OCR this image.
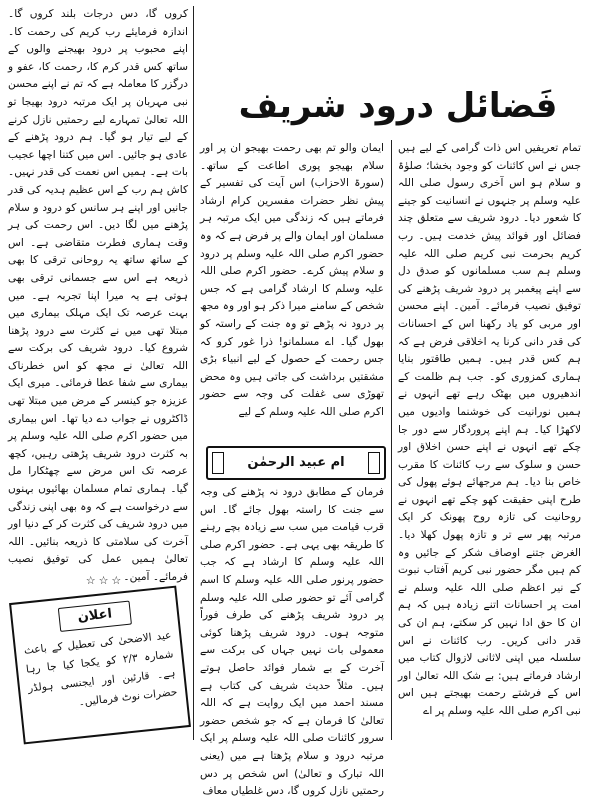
تمام تعریفیں اس ذات گرامی کے لیے ہیں جس نے اس کائنات کو وجود بخشا؛ صلوٰۃ و سلام ہو اس آخری رسول صلی اللہ علیہ وسلم پر جنہوں نے انسانیت کو جینے کا شعور دیا۔ درود شریف سے متعلق چند فضائل اور فوائد پیش خدمت ہیں۔ رب کریم بحرمت نبی کریم صلی اللہ علیہ وسلم ہم سب مسلمانوں کو صدق دل سے اپنے پیغمبر پر درود شریف پڑھنے کی توفیق نصیب فرمائے۔ آمین۔ اپنے محسن اور مربی کو یاد رکھنا اس کے احسانات کی قدر دانی کرنا یہ اخلاقی فرض ہے کہ ہم کس قدر ہیں۔ ہمیں طاقتور بنایا ہماری کمزوری کو۔ جب ہم ظلمت کے اندھیروں میں بھٹک رہے تھے انہوں نے ہمیں نورانیت کی خوشنما وادیوں میں لاکھڑا کیا۔ ہم اپنے پروردگار سے دور جا چکے تھے انہوں نے اپنے حسن اخلاق اور حسن و سلوک سے رب کائنات کا مقرب خاص بنا دیا۔ ہم مرجھائے ہوئے پھول کی طرح اپنی حقیقت کھو چکے تھے انہوں نے روحانیت کی تازہ روح پھونک کر ایک مرتبہ پھر سے تر و تازہ پھول کھلا دیا۔ الغرض جتنے اوصاف شکر کے جائیں وہ کم ہیں مگر حضور نبی کریم آفتاب نبوت کے نیر اعظم صلی اللہ علیہ وسلم نے امت پر احسانات اتنے زیادہ ہیں کہ ہم ان کا حق ادا نہیں کر سکتے، ہم ان کی قدر دانی کریں۔ رب کائنات نے اس سلسلہ میں اپنی لاثانی لازوال کتاب میں ارشاد فرماتے ہیں: بے شک اللہ تعالیٰ اور اس کے فرشتے رحمت بھیجتے ہیں اس نبی اکرم صلی اللہ علیہ وسلم پر اے

ایمان والو تم بھی رحمت بھیجو ان پر اور سلام بھیجو پوری اطاعت کے ساتھ۔ (سورۃ الاحزاب) اس آیت کی تفسیر کے پیش نظر حضرات مفسرین کرام ارشاد فرماتے ہیں کہ زندگی میں ایک مرتبہ ہر مسلمان اور ایمان والے پر فرض ہے کہ وہ حضور اکرم صلی اللہ علیہ وسلم پر درود و سلام پیش کرے۔ حضور اکرم صلی اللہ علیہ وسلم کا ارشاد گرامی ہے کہ جس شخص کے سامنے میرا ذکر ہو اور وہ مجھ پر درود نہ پڑھے تو وہ جنت کے راستہ کو بھول گیا۔ اے مسلمانو! ذرا غور کرو کہ جس رحمت کے حصول کے لیے انبیاء بڑی مشقتیں برداشت کی جاتی ہیں وہ محض تھوڑی سی غفلت کی وجہ سے حضور اکرم صلی اللہ علیہ وسلم کے لیے

ام عبید الرحمٰن

فرمان کے مطابق درود نہ پڑھنے کی وجہ سے جنت کا راستہ بھول جائے گا۔ اس قرب قیامت میں سب سے زیادہ بچے رہنے کا طریقہ بھی یہی ہے۔ حضور اکرم صلی اللہ علیہ وسلم کا ارشاد ہے کہ جب حضور پرنور صلی اللہ علیہ وسلم کا اسم گرامی آئے تو حضور صلی اللہ علیہ وسلم پر درود شریف پڑھنے کی طرف فوراً متوجہ ہوں۔ درود شریف پڑھنا کوئی معمولی بات نہیں جہاں کی برکت سے آخرت کے بے شمار فوائد حاصل ہوتے ہیں۔ مثلاً حدیث شریف کی کتاب ہے مسند احمد میں ایک روایت ہے کہ اللہ تعالیٰ کا فرمان ہے کہ جو شخص حضور سرور کائنات صلی اللہ علیہ وسلم پر ایک مرتبہ درود و سلام پڑھتا ہے میں (یعنی اللہ تبارک و تعالیٰ) اس شخص پر دس رحمتیں نازل کروں گا، دس غلطیاں معاف

کروں گا، دس درجات بلند کروں گا۔ اندازہ فرمایئے رب کریم کی رحمت کا۔ اپنے محبوب پر درود بھیجنے والوں کے ساتھ کس قدر کرم کا، رحمت کا، عفو و درگزر کا معاملہ ہے کہ تم نے اپنے محسن نبی مہربان پر ایک مرتبہ درود بھیجا تو اللہ تعالیٰ تمہارے لیے رحمتیں نازل کرنے کے لیے تیار ہو گیا۔ ہم درود پڑھنے کے عادی ہو جائیں۔ اس میں کتنا اچھا عجیب بات ہے۔ ہمیں اس نعمت کی قدر نہیں۔ کاش ہم رب کے اس عظیم ہدیہ کی قدر جانیں اور اپنے ہر سانس کو درود و سلام پڑھنے میں لگا دیں۔ اس رحمت کی ہر وقت ہماری فطرت متقاضی ہے۔ اس کے ساتھ ساتھ یہ روحانی ترقی کا بھی ذریعہ ہے اس سے جسمانی ترقی بھی ہوتی ہے یہ میرا اپنا تجربہ ہے۔ میں بہت عرصہ تک ایک مہلک بیماری میں مبتلا تھی میں نے کثرت سے درود پڑھنا شروع کیا۔ درود شریف کی برکت سے اللہ تعالیٰ نے مجھ کو اس خطرناک بیماری سے شفا عطا فرمائی۔ میری ایک عزیزہ جو کینسر کے مرض میں مبتلا تھی ڈاکٹروں نے جواب دے دیا تھا۔ اس بیماری میں حضور اکرم صلی اللہ علیہ وسلم پر بہ کثرت درود شریف پڑھتی رہیں، کچھ عرصہ تک اس مرض سے چھٹکارا مل گیا۔ ہماری تمام مسلمان بھائیوں بہنوں سے درخواست ہے کہ وہ بھی اپنی زندگی میں درود شریف کی کثرت کر کے دنیا اور آخرت کی سلامتی کا ذریعہ بنائیں۔ اللہ تعالیٰ ہمیں عمل کی توفیق نصیب فرمائے۔ آمین۔

فَضائل درود شریف
☆☆☆
اعلان
عید الاضحیٰ کی تعطیل کے باعث شمارہ ۲/۳ کو یکجا کیا جا رہا ہے۔ قارئین اور ایجنسی ہولڈر حضرات نوٹ فرمالیں۔
